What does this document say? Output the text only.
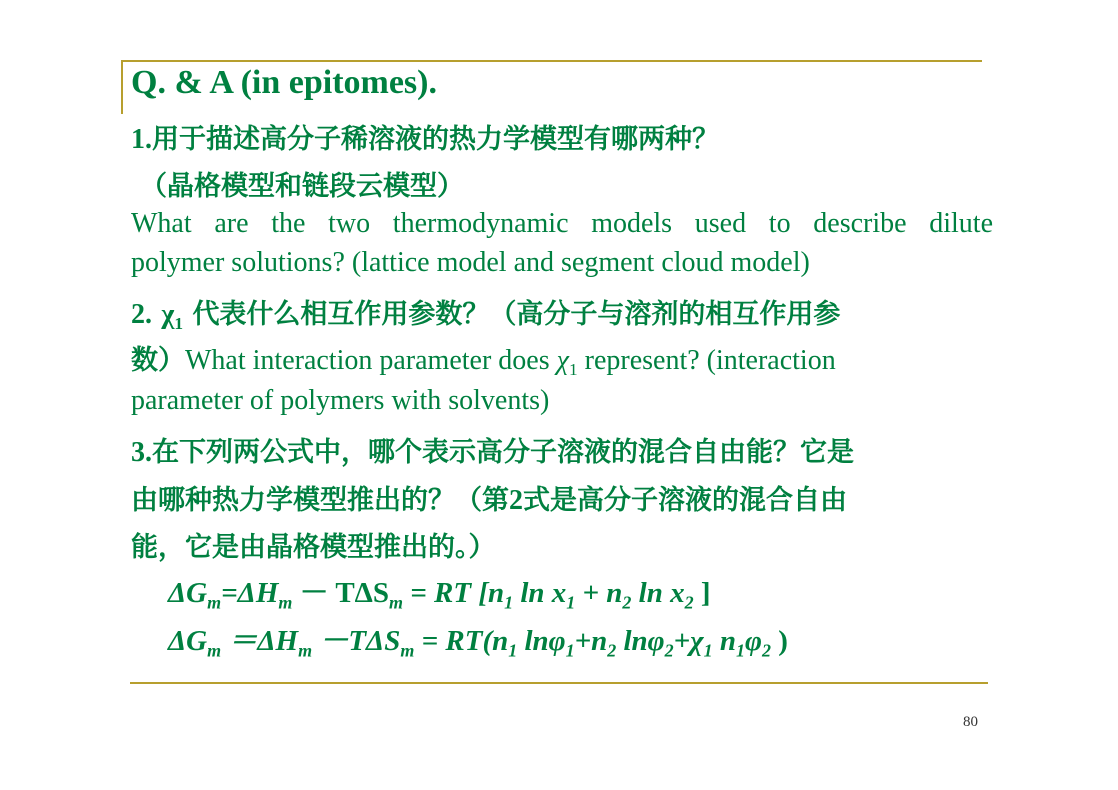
Q. & A (in epitomes).
1.用于描述高分子稀溶液的热力学模型有哪两种？
（晶格模型和链段云模型）
What are the two thermodynamic models used to describe dilute
polymer solutions? (lattice model and segment cloud model)
2. $\chi_1$ 代表什么相互作用参数？（高分子与溶剂的相互作用参
数）What interaction parameter does $\chi_1$ represent? (interaction
parameter of polymers with solvents)
3.在下列两公式中，哪个表示高分子溶液的混合自由能？它是
由哪种热力学模型推出的？（第2式是高分子溶液的混合自由
能，它是由晶格模型推出的。）
$\Delta G_m=\Delta H_m - T\Delta S_m$ = RT [$n_1$ $\ln x_1 + n_2$ $\ln x_2$ ]
$\Delta G_m =\Delta H_m -T\Delta S_m = RT(n_1$ $\ln\varphi_1+n_2$ $\ln\varphi_2+\chi_1$ $n_1\varphi_2$ )
80
